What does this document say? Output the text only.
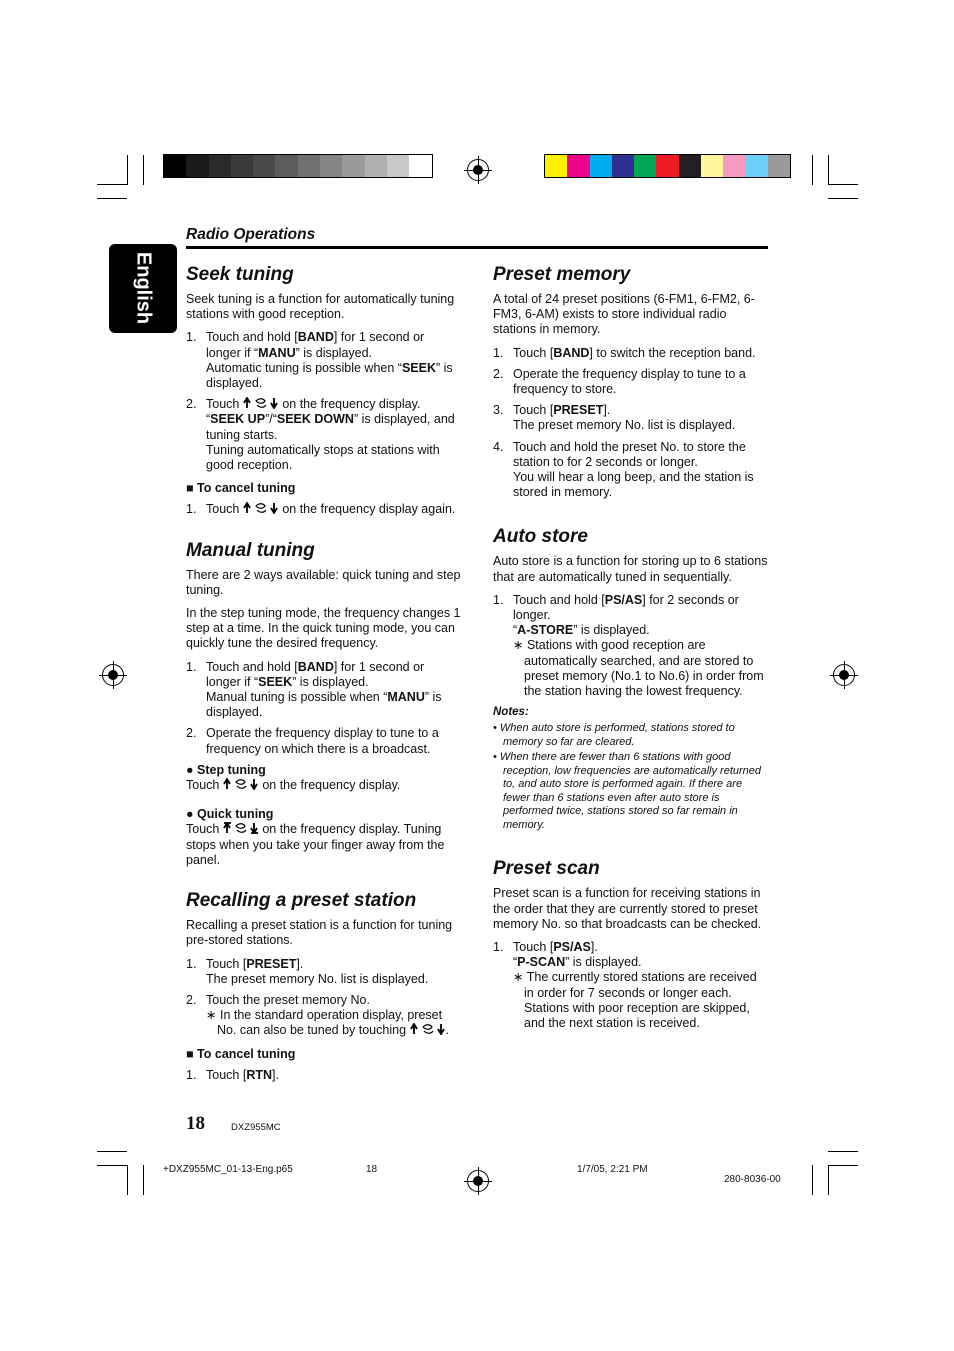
English
Radio Operations
Seek tuning

Seek tuning is a function for automatically tuning stations with good reception.

1. Touch and hold [BAND] for 1 second or longer if “MANU” is displayed.
Automatic tuning is possible when “SEEK” is displayed.
2. Touch	on the frequency display.
“SEEK UP”/“SEEK DOWN” is displayed, and tuning starts.
Tuning automatically stops at stations with good reception.
■ To cancel tuning
1. Touch	on the frequency display again.
Manual tuning

There are 2 ways available: quick tuning and step tuning.

In the step tuning mode, the frequency changes 1 step at a time. In the quick tuning mode, you can quickly tune the desired frequency.

1. Touch and hold [BAND] for 1 second or longer if “SEEK” is displayed.
Manual tuning is possible when “MANU” is displayed.
2. Operate the frequency display to tune to a frequency on which there is a broadcast.
● Step tuning
Touch	on the frequency display.
● Quick tuning
Touch	on the frequency display. Tuning stops when you take your finger away from the panel.
Recalling a preset station

Recalling a preset station is a function for tuning pre-stored stations.

1. Touch [PRESET].
The preset memory No. list is displayed.
2. Touch the preset memory No.
∗ In the standard operation display, preset No. can also be tuned by touching	.
■ To cancel tuning
1. Touch [RTN].
Preset memory

A total of 24 preset positions (6-FM1, 6-FM2, 6-FM3, 6-AM) exists to store individual radio stations in memory.

1. Touch [BAND] to switch the reception band.
2. Operate the frequency display to tune to a frequency to store.
3. Touch [PRESET].
The preset memory No. list is displayed.
4. Touch and hold the preset No. to store the station to for 2 seconds or longer.
You will hear a long beep, and the station is stored in memory.
Auto store

Auto store is a function for storing up to 6 stations that are automatically tuned in sequentially.

1. Touch and hold [PS/AS] for 2 seconds or longer.
“A-STORE” is displayed.
∗ Stations with good reception are automatically searched, and are stored to preset memory (No.1 to No.6) in order from the station having the lowest frequency.
Notes:
• When auto store is performed, stations stored to memory so far are cleared.
• When there are fewer than 6 stations with good reception, low frequencies are automatically returned to, and auto store is performed again. If there are fewer than 6 stations even after auto store is performed twice, stations stored so far remain in memory.
Preset scan

Preset scan is a function for receiving stations in the order that they are currently stored to preset memory No. so that broadcasts can be checked.

1. Touch [PS/AS].
“P-SCAN” is displayed.
∗ The currently stored stations are received in order for 7 seconds or longer each. Stations with poor reception are skipped, and the next station is received.
18	DXZ955MC
+DXZ955MC_01-13-Eng.p65	18	1/7/05, 2:21 PM
280-8036-00
